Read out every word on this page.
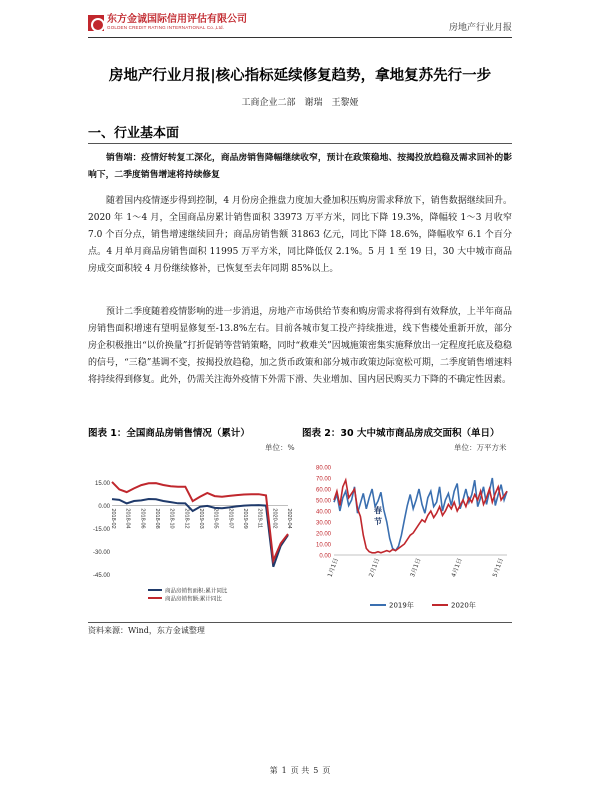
东方金诚国际信用评估有限公司
GOLDEN CREDIT RATING INTERNATIONAL Co.,Ltd.	房地产行业月报
房地产行业月报|核心指标延续修复趋势，拿地复苏先行一步
工商企业二部　谢瑞　王黎娅
一、行业基本面

销售端：疫情好转复工深化，商品房销售降幅继续收窄，预计在政策稳地、按揭投放趋稳及需求回补的影响下，二季度销售增速将持续修复

随着国内疫情逐步得到控制，4 月份房企推盘力度加大叠加积压购房需求释放下，销售数据继续回升。2020 年 1～4 月，全国商品房累计销售面积 33973 万平方米，同比下降 19.3%，降幅较 1～3 月收窄 7.0 个百分点，销售增速继续回升；商品房销售额 31863 亿元，同比下降 18.6%，降幅收窄 6.1 个百分点。4 月单月商品房销售面积 11995 万平方米，同比降低仅 2.1%。5 月 1 至 19 日，30 大中城市商品房成交面积较 4 月份继续修补，已恢复至去年同期 85%以上。

预计二季度随着疫情影响的进一步消退，房地产市场供给节奏和购房需求将得到有效释放，上半年商品房销售面积增速有望明显修复至-13.8%左右。目前各城市复工投产持续推进，线下售楼处重新开放，部分房企积极推出“以价换量”打折促销等营销策略，同时“救难关”因城施策密集实施释放出一定程度托底及稳稳的信号，“三稳”基调不变，按揭投放趋稳，加之货币政策和部分城市政策边际宽松可期，二季度销售增速料将持续得到修复。此外，仍需关注海外疫情下外需下滑、失业增加、国内居民购买力下降的不确定性因素。

图表 1：全国商品房销售情况（累计）
单位：%
图表 2：30 大中城市商品房成交面积（单日）
单位：万平方米
15.00
0.00
-15.00
-30.00
-45.00
2018-02 2018-04 2018-06 2018-08 2018-10 2018-12 2019-03 2019-05 2019-07 2019-09 2019-11 2020-02 2020-04
商品房销售面积:累计同比
商品房销售额:累计同比
80.00
70.00
60.00
50.00
40.00
30.00
20.00
10.00
0.00
1月1日	2月1日	3月1日	4月1日	5月1日
春
节
2019年	2020年
资料来源：Wind，东方金诚整理
第 1 页 共 5 页
